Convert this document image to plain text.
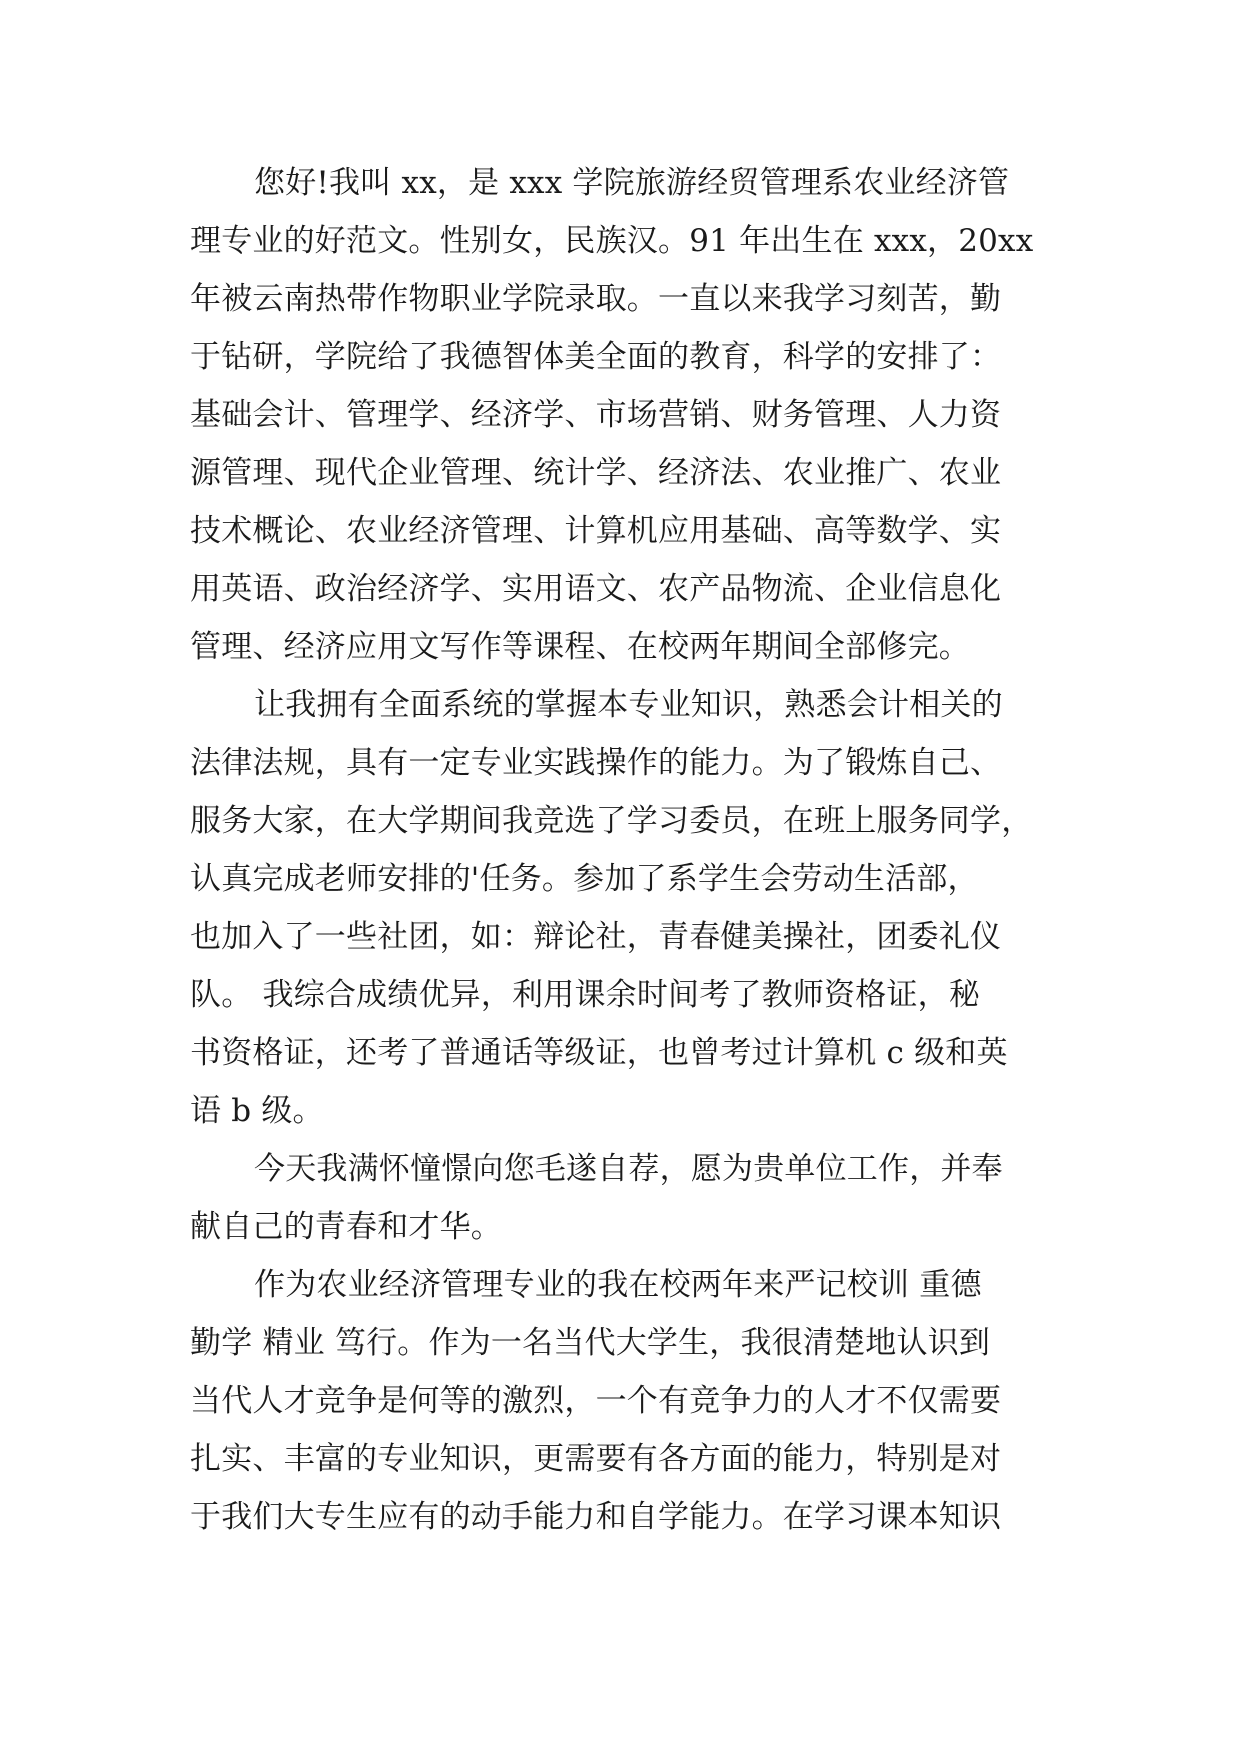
您好!我叫 xx，是 xxx 学院旅游经贸管理系农业经济管
理专业的好范文。性别女，民族汉。91 年出生在 xxx，20xx
年被云南热带作物职业学院录取。一直以来我学习刻苦，勤
于钻研，学院给了我德智体美全面的教育，科学的安排了：
基础会计、管理学、经济学、市场营销、财务管理、人力资
源管理、现代企业管理、统计学、经济法、农业推广、农业
技术概论、农业经济管理、计算机应用基础、高等数学、实
用英语、政治经济学、实用语文、农产品物流、企业信息化
管理、经济应用文写作等课程、在校两年期间全部修完。
让我拥有全面系统的掌握本专业知识，熟悉会计相关的
法律法规，具有一定专业实践操作的能力。为了锻炼自己、
服务大家，在大学期间我竞选了学习委员，在班上服务同学，
认真完成老师安排的'任务。参加了系学生会劳动生活部，
也加入了一些社团，如：辩论社，青春健美操社，团委礼仪
队。 我综合成绩优异，利用课余时间考了教师资格证，秘
书资格证，还考了普通话等级证，也曾考过计算机 c 级和英
语 b 级。
今天我满怀憧憬向您毛遂自荐，愿为贵单位工作，并奉
献自己的青春和才华。
作为农业经济管理专业的我在校两年来严记校训 重德
勤学 精业 笃行。作为一名当代大学生，我很清楚地认识到
当代人才竞争是何等的激烈，一个有竞争力的人才不仅需要
扎实、丰富的专业知识，更需要有各方面的能力，特别是对
于我们大专生应有的动手能力和自学能力。在学习课本知识
